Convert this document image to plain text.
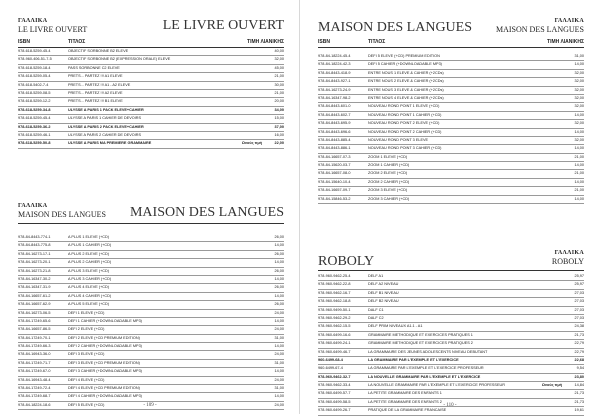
ΓΑΛΛΙΚΑ
LE LIVRE OUVERT	LE LIVRE OUVERT
ISBN	ΤΙΤΛΟΣ	ΤΙΜΗ ΛΙΑΝΙΚΗΣ
978-618-5259-45-4	OBJECTIF SORBONNE B2 ELEVE	40,00
978-960-406-51-7-5	OBJECTIF SORBONNE B2 (EXPRESSION ORALE) ELEVE	32,00
978-618-5259-18-4	PASS SORBONNE C2 ELEVE	45,00
978-618-5259-05-4	PRETS... PARTEZ !!! A1 ELEVE	21,00
978-618-5402-7-4	PRETS... PARTEZ !!! A1 - A2 ELEVE	30,00
978-618-5259-08-5	PRETS... PARTEZ !!! A2 ELEVE	21,00
978-618-5259-12-2	PRETS... PARTEZ !!! B1 ELEVE	20,00
978-618-5259-34-8	ULYSSE A PARIS 1 PACK ELEVE+CAHIER	34,00
978-618-5259-45-4	ULYSSE A PARIS 1 CAHIER DE DEVOIRS	15,00
978-618-5259-36-2	ULYSSE A PARIS 2 PACK ELEVE+CAHIER	37,00
978-618-5259-46-1	ULYSSE A PARIS 2 CAHIER DE DEVOIRS	16,00
978-618-5259-50-8	ULYSSE A PARIS MA PREMIERE GRAMMAIRE	Ωνούς τιμή	22,00
ΓΑΛΛΙΚΑ
MAISON DES LANGUES MAISON DES LANGUES
978-84-8443-774-1	A PLUS 1 ELEVE (+CD)	26,00
978-84-8443-775-8	A PLUS 1 CAHIER (+CD)	14,00
978-84-16273-17-1	A PLUS 2 ELEVE (+CD)	26,00
978-84-16273-20-1	A PLUS 2 CAHIER (+CD)	14,00
978-84-16273-21-8	A PLUS 3 ELEVE (+CD)	26,00
978-84-16347-30-2	A PLUS 3 CAHIER (+CD)	14,00
978-84-16347-31-9	A PLUS 4 ELEVE (+CD)	26,00
978-84-16657-61-2	A PLUS 4 CAHIER (+CD)	14,00
978-84-16657-62-9	A PLUS 5 ELEVE (+CD)	26,00
978-84-16273-06-5	DEFI 1 ELEVE (+CD)	24,00
978-84-17249-65-6	DEFI 1 CAHIER (+DOWNLOADABLE MP3)	14,00
978-84-16657-86-5	DEFI 2 ELEVE (+CD)	24,00
978-84-17249-70-1	DEFI 2 ELEVE (+CD PREMIUM EDITION)	31,00
978-84-17249-66-3	DEFI 2 CAHIER (+DOWNLOADABLE MP3)	14,00
978-84-16943-36-0	DEFI 3 ELEVE (+CD)	24,00
978-84-17249-71-7	DEFI 3 ELEVE (+CD PREMIUM EDITION)	31,00
978-84-17249-67-0	DEFI 3 CAHIER (+DOWNLOADABLE MP3)	14,00
978-84-16943-48-4	DEFI 4 ELEVE (+CD)	24,00
978-84-17249-72-4	DEFI 4 ELEVE (+CD PREMIUM EDITION)	31,00
978-84-17249-68-7	DEFI 4 CAHIER (+DOWNLOADABLE MP3)	14,00
978-84-18224-18-6	DEFI 5 ELEVE (+CD)	24,00
- 109 -
MAISON DES LANGUES	ΓΑΛΛΙΚΑ
MAISON DES LANGUES
ISBN	ΤΙΤΛΟΣ	ΤΙΜΗ ΛΙΑΝΙΚΗΣ
978-84-18224-45-4	DEFI 5 ELEVE (+CD) PREMIUM EDITION	31,00
978-84-18224-42-3	DEFI 5 CAHIER (+DOWNLOADABLE MP3)	14,00
978-84-8443-418-9	ENTRE NOUS 1 ELEVE & CAHIER (+2CDs)	32,00
978-84-8443-927-1	ENTRE NOUS 2 ELEVE & CAHIER (+2CDs)	32,00
978-84-16273-24-9	ENTRE NOUS 3 ELEVE & CAHIER (+2CDs)	32,00
978-84-16347-98-2	ENTRE NOUS 4 ELEVE & CAHIER (+2CDs)	32,00
978-84-8443-601-0	NOUVEAU ROND POINT 1 ELEVE (+CD)	32,00
978-84-8443-602-7	NOUVEAU ROND POINT 1 CAHIER (+CD)	14,00
978-84-8443-695-9	NOUVEAU ROND POINT 2 ELEVE (+CD)	32,00
978-84-8443-696-6	NOUVEAU ROND POINT 2 CAHIER (+CD)	14,00
978-84-8443-885-4	NOUVEAU ROND POINT 3 ELEVE	32,00
978-84-8443-886-1	NOUVEAU ROND POINT 3 CAHIER (+CD)	14,00
978-84-16657-07-3	ZOOM 1 ELEVE (+CD)	21,00
978-84-15620-03-7	ZOOM 1 CAHIER (+CD)	14,00
978-84-16657-08-0	ZOOM 2 ELEVE (+CD)	21,00
978-84-15640-10-4	ZOOM 2 CAHIER (+CD)	14,00
978-84-16657-09-7	ZOOM 3 ELEVE (+CD)	21,00
978-84-15846-53-2	ZOOM 3 CAHIER (+CD)	14,00
ROBOLY
ΓΑΛΛΙΚΑ
ROBOLY
978-960-9462-25-4	DELF A1	25,97
978-960-9462-22-8	DELF A2 NIVEAU	25,97
978-960-9462-16-7	DELF B1 NIVEAU	27,03
978-960-9462-18-8	DELF B2 NIVEAU	27,03
978-960-9499-50-1	DALF C1	27,03
978-960-9462-29-2	DALF C2	27,03
978-960-9462-15-5	DELF PRIM NIVEAUX A1.1 - A1	24,38
978-960-6499-16-6	GRAMMAIRE METHODIQUE ET EXERCICES PRATIQUES 1	21,73
978-960-6499-24-1	GRAMMAIRE METHODIQUE ET EXERCICES PRATIQUES 2	22,79
978-960-6499-46-7	LA GRAMMAIRE DES JEUNES ADOLESCENTS NIVEAU DEBUTANT	22,79
960-6499-68-4	LA GRAMMAIRE PAR L'EXEMPLE ET L'EXERCICE	22,68
960-6499-67-4	LA GRAMMAIRE PAR L'EXEMPLE ET L'EXERCICE PROFESSEUR	9,54
978-960-9462-32-7	LA NOUVELLE GRAMMAIRE PAR L'EXEMPLE ET L'EXERCICE	23,80
978-960-9462-33-4	LA NOUVELLE GRAMMAIRE PAR L'EXEMPLE ET L'EXERCICE PROFESSEUR	Ωνούς τιμή	14,84
978-960-6499-57-7	LA PETITE GRAMMAIRE DES ENFANTS 1	21,73
978-960-6499-58-5	LA PETITE GRAMMAIRE DES ENFANTS 2	21,73
978-960-6499-26-7	PRATIQUE DE LA GRAMMAIRE FRANCAISE	19,61
- 110 -
